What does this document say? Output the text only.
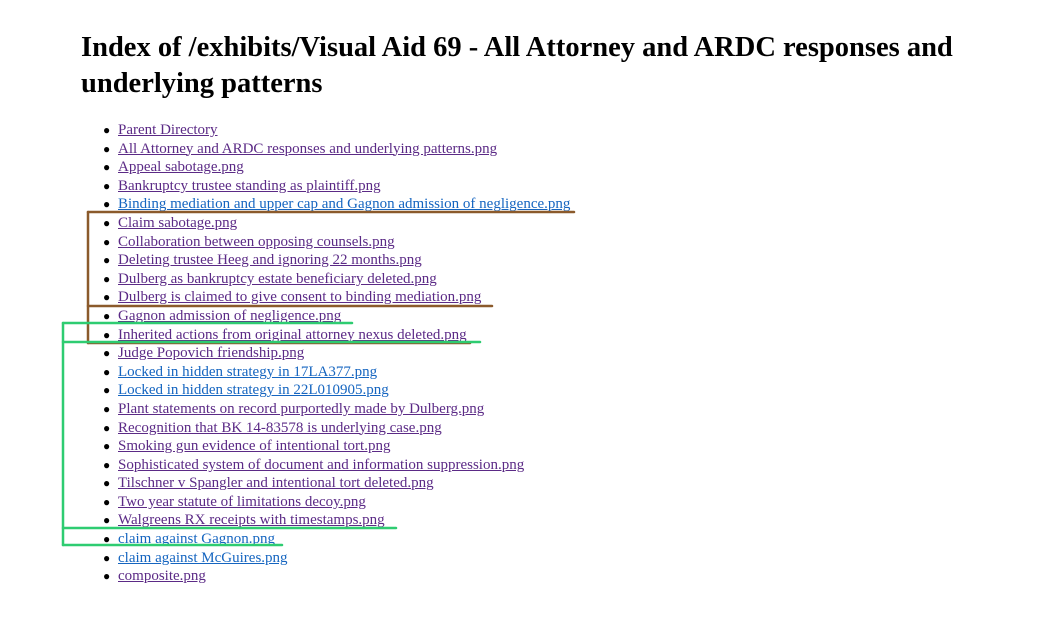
Index of /exhibits/Visual Aid 69 - All Attorney and ARDC responses and underlying patterns
● Parent Directory
● All Attorney and ARDC responses and underlying patterns.png
● Appeal sabotage.png
● Bankruptcy trustee standing as plaintiff.png
● Binding mediation and upper cap and Gagnon admission of negligence.png
● Claim sabotage.png
● Collaboration between opposing counsels.png
● Deleting trustee Heeg and ignoring 22 months.png
● Dulberg as bankruptcy estate beneficiary deleted.png
● Dulberg is claimed to give consent to binding mediation.png
● Gagnon admission of negligence.png
● Inherited actions from original attorney nexus deleted.png
● Judge Popovich friendship.png
● Locked in hidden strategy in 17LA377.png
● Locked in hidden strategy in 22L010905.png
● Plant statements on record purportedly made by Dulberg.png
● Recognition that BK 14-83578 is underlying case.png
● Smoking gun evidence of intentional tort.png
● Sophisticated system of document and information suppression.png
● Tilschner v Spangler and intentional tort deleted.png
● Two year statute of limitations decoy.png
● Walgreens RX receipts with timestamps.png
● claim against Gagnon.png
● claim against McGuires.png
● composite.png
